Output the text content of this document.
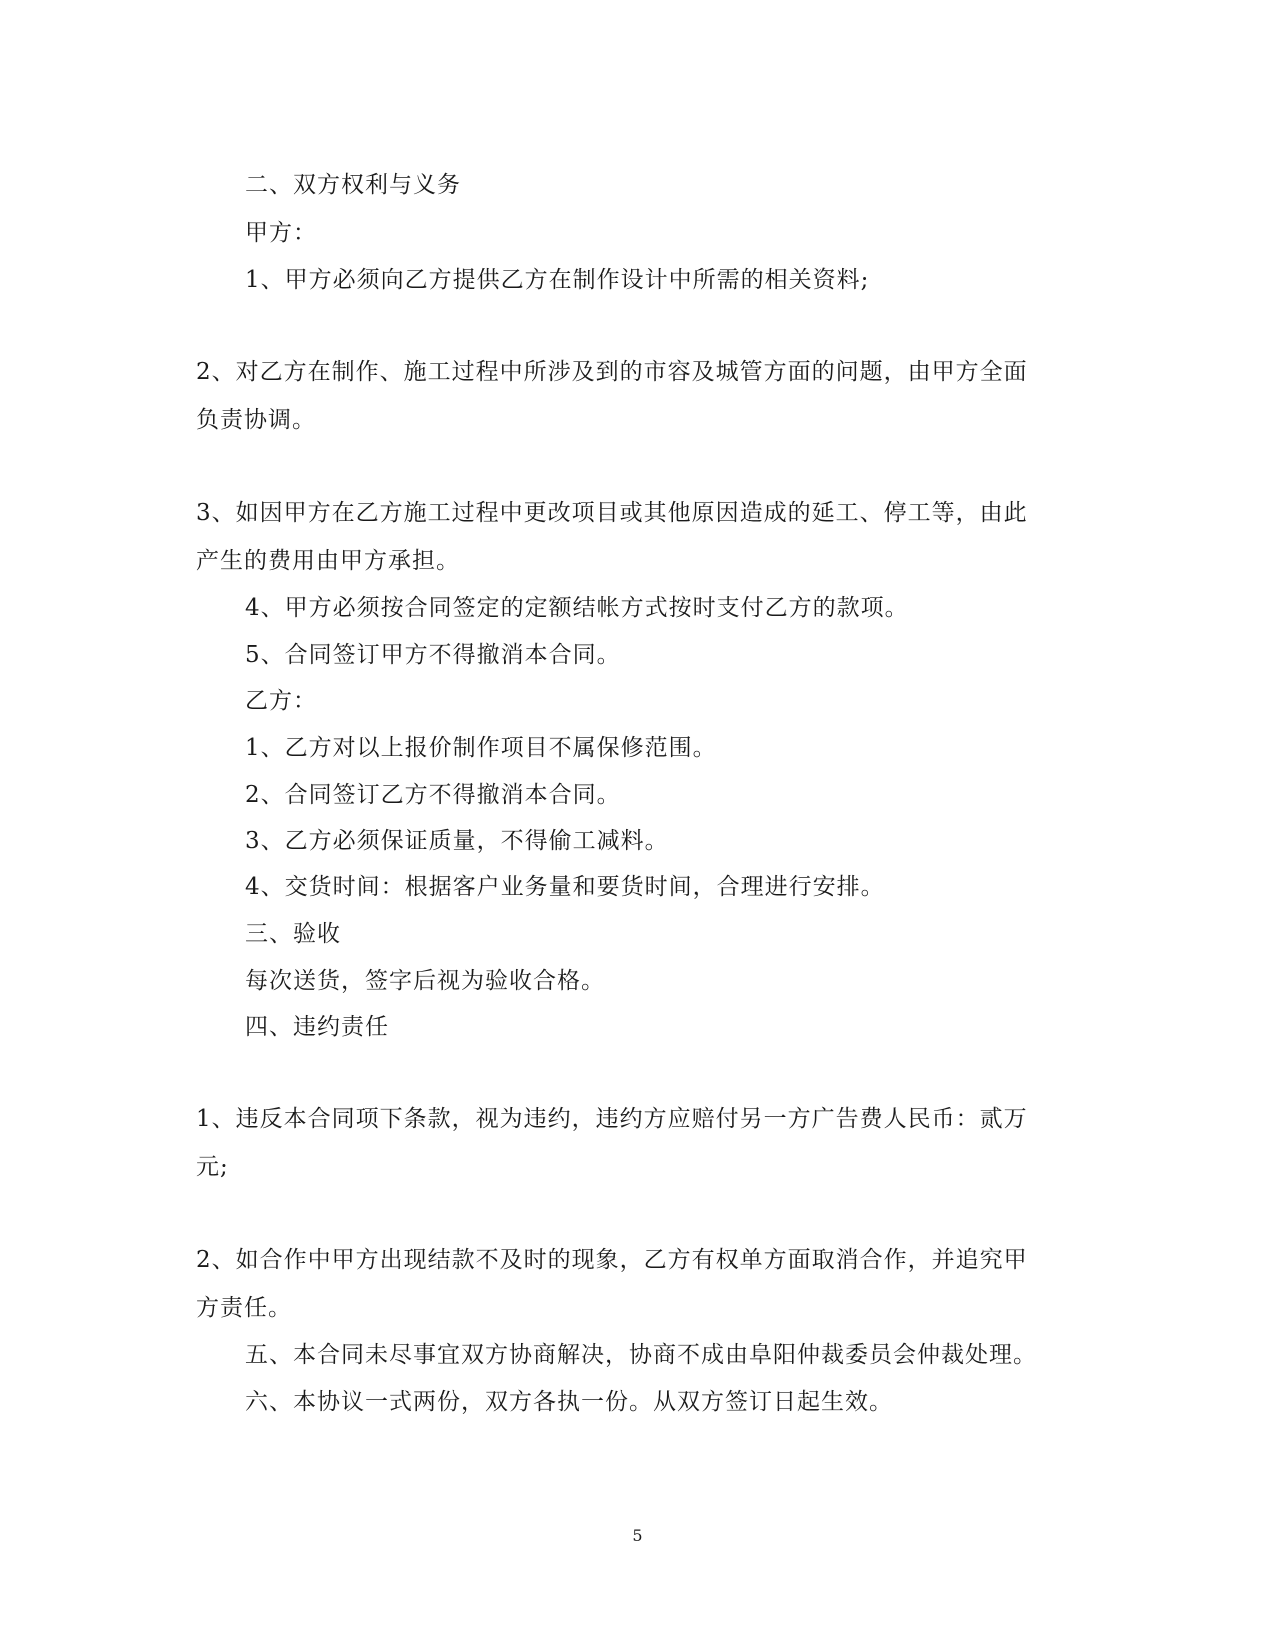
二、双方权利与义务

甲方：

1、甲方必须向乙方提供乙方在制作设计中所需的相关资料;

2、对乙方在制作、施工过程中所涉及到的市容及城管方面的问题，由甲方全面

负责协调。

3、如因甲方在乙方施工过程中更改项目或其他原因造成的延工、停工等，由此

产生的费用由甲方承担。

4、甲方必须按合同签定的定额结帐方式按时支付乙方的款项。

5、合同签订甲方不得撤消本合同。

乙方：

1、乙方对以上报价制作项目不属保修范围。

2、合同签订乙方不得撤消本合同。

3、乙方必须保证质量，不得偷工减料。

4、交货时间：根据客户业务量和要货时间，合理进行安排。

三、验收

每次送货，签字后视为验收合格。

四、违约责任

1、违反本合同项下条款，视为违约，违约方应赔付另一方广告费人民币：贰万

元;

2、如合作中甲方出现结款不及时的现象，乙方有权单方面取消合作，并追究甲

方责任。

五、本合同未尽事宜双方协商解决，协商不成由阜阳仲裁委员会仲裁处理。

六、本协议一式两份，双方各执一份。从双方签订日起生效。

5
